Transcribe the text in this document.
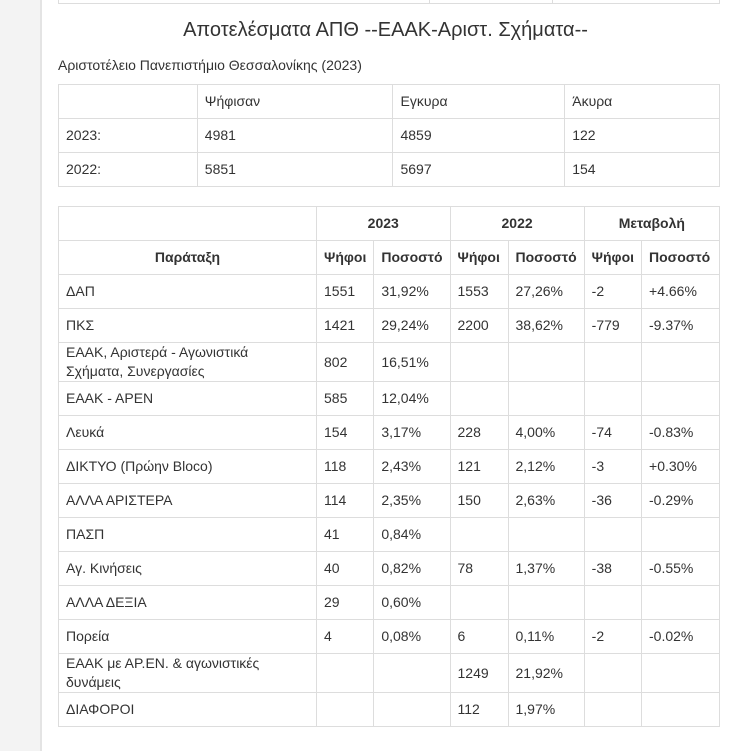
Αποτελέσματα ΑΠΘ --ΕΑΑΚ-Αριστ. Σχήματα--
Αριστοτέλειο Πανεπιστήμιο Θεσσαλονίκης (2023)
	Ψήφισαν	Εγκυρα	Άκυρα
2023:	4981	4859	122
2022:	5851	5697	154
	2023		2022		Μεταβολή	
Παράταξη	Ψήφοι	Ποσοστό	Ψήφοι	Ποσοστό	Ψήφοι	Ποσοστό
ΔΑΠ	1551	31,92%	1553	27,26%	-2	+4.66%
ΠΚΣ	1421	29,24%	2200	38,62%	-779	-9.37%
ΕΑΑΚ, Αριστερά - Αγωνιστικά Σχήματα, Συνεργασίες	802	16,51%				
ΕΑΑΚ - ΑΡΕΝ	585	12,04%				
Λευκά	154	3,17%	228	4,00%	-74	-0.83%
ΔΙΚΤΥΟ (Πρώην Bloco)	118	2,43%	121	2,12%	-3	+0.30%
ΑΛΛΑ ΑΡΙΣΤΕΡΑ	114	2,35%	150	2,63%	-36	-0.29%
ΠΑΣΠ	41	0,84%				
Αγ. Κινήσεις	40	0,82%	78	1,37%	-38	-0.55%
ΑΛΛΑ ΔΕΞΙΑ	29	0,60%				
Πορεία	4	0,08%	6	0,11%	-2	-0.02%
ΕΑΑΚ με ΑΡ.ΕΝ. & αγωνιστικές δυνάμεις			1249	21,92%		
ΔΙΑΦΟΡΟΙ			112	1,97%		
